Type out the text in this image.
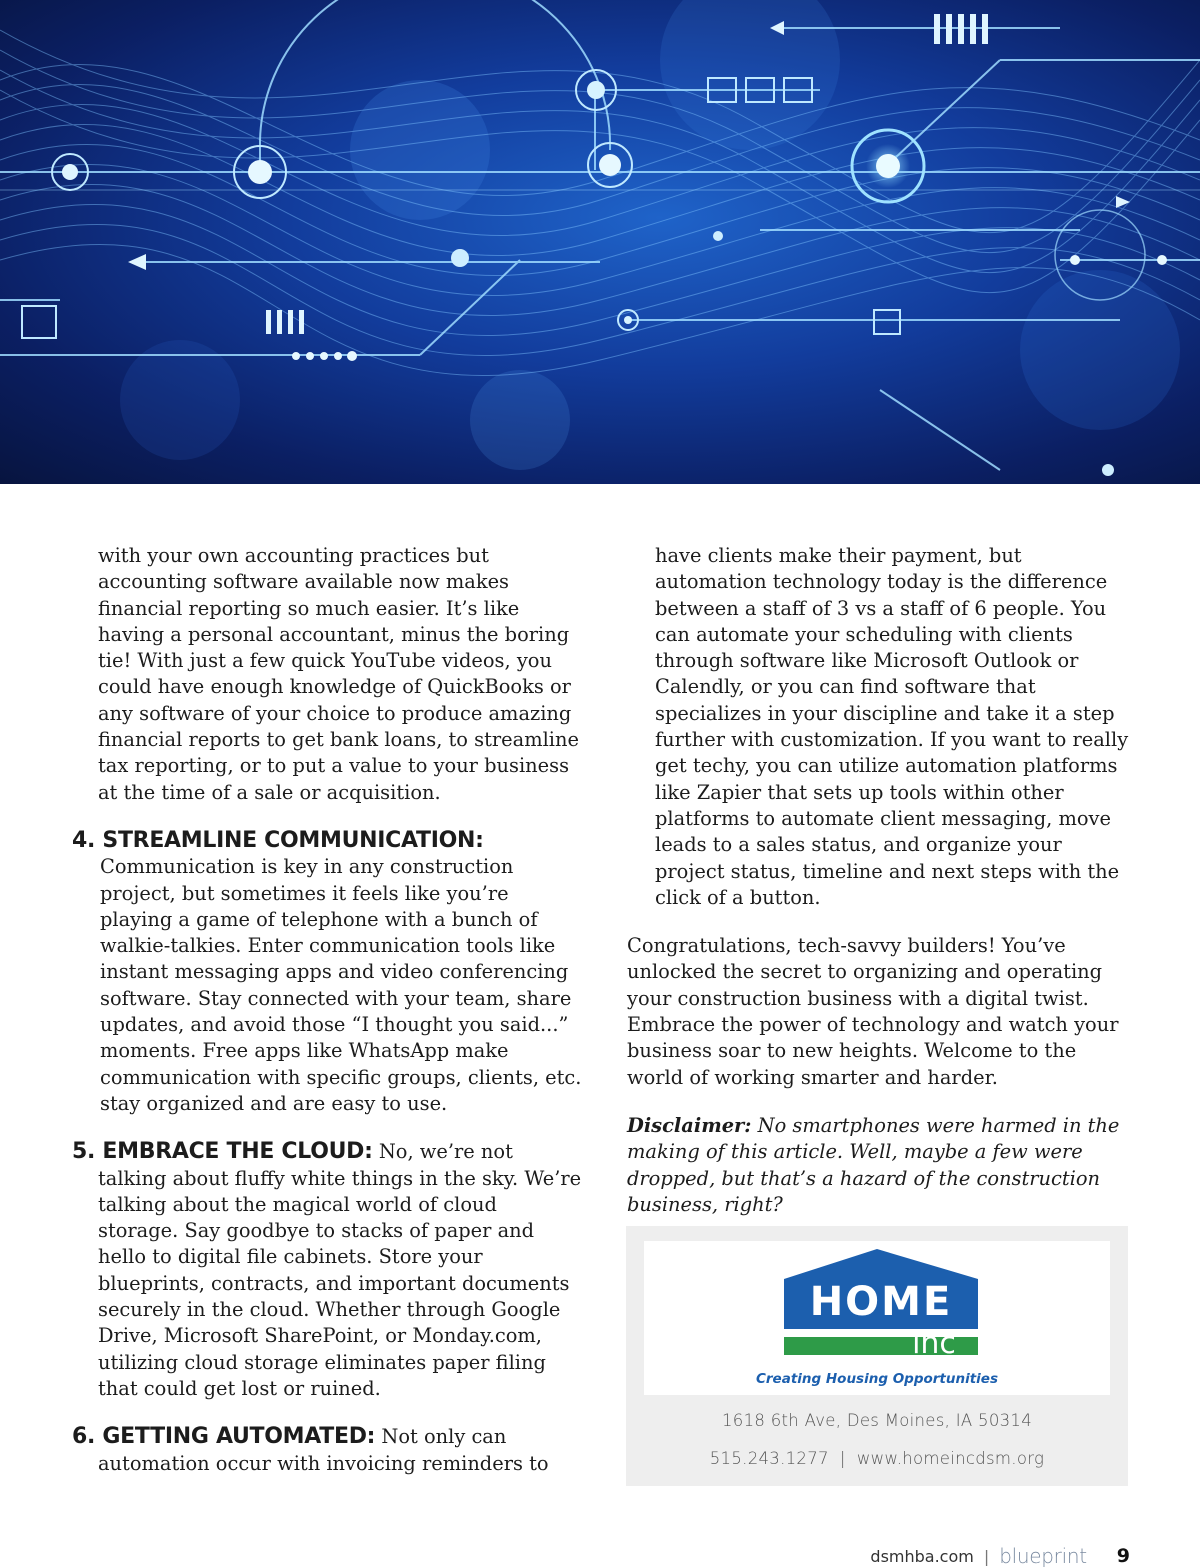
with your own accounting practices but accounting software available now makes financial reporting so much easier. It’s like having a personal accountant, minus the boring tie! With just a few quick YouTube videos, you could have enough knowledge of QuickBooks or any software of your choice to produce amazing financial reports to get bank loans, to streamline tax reporting, or to put a value to your business at the time of a sale or acquisition.

4. STREAMLINE COMMUNICATION:

Communication is key in any construction project, but sometimes it feels like you’re playing a game of telephone with a bunch of walkie-talkies. Enter communication tools like instant messaging apps and video conferencing software. Stay connected with your team, share updates, and avoid those “I thought you said...” moments. Free apps like WhatsApp make communication with specific groups, clients, etc. stay organized and are easy to use.

5. EMBRACE THE CLOUD: No, we’re not talking about fluffy white things in the sky. We’re talking about the magical world of cloud storage. Say goodbye to stacks of paper and hello to digital file cabinets. Store your blueprints, contracts, and important documents securely in the cloud. Whether through Google Drive, Microsoft SharePoint, or Monday.com, utilizing cloud storage eliminates paper filing that could get lost or ruined.

6. GETTING AUTOMATED: Not only can automation occur with invoicing reminders to

have clients make their payment, but automation technology today is the difference between a staff of 3 vs a staff of 6 people. You can automate your scheduling with clients through software like Microsoft Outlook or Calendly, or you can find software that specializes in your discipline and take it a step further with customization. If you want to really get techy, you can utilize automation platforms like Zapier that sets up tools within other platforms to automate client messaging, move leads to a sales status, and organize your project status, timeline and next steps with the click of a button.

Congratulations, tech-savvy builders! You’ve unlocked the secret to organizing and operating your construction business with a digital twist. Embrace the power of technology and watch your business soar to new heights. Welcome to the world of working smarter and harder.

Disclaimer: No smartphones were harmed in the making of this article. Well, maybe a few were dropped, but that’s a hazard of the construction business, right?

HOME
inc
Creating Housing Opportunities
1618 6th Ave, Des Moines, IA 50314
515.243.1277  |  www.homeincdsm.org
dsmhba.com | blueprint 9
